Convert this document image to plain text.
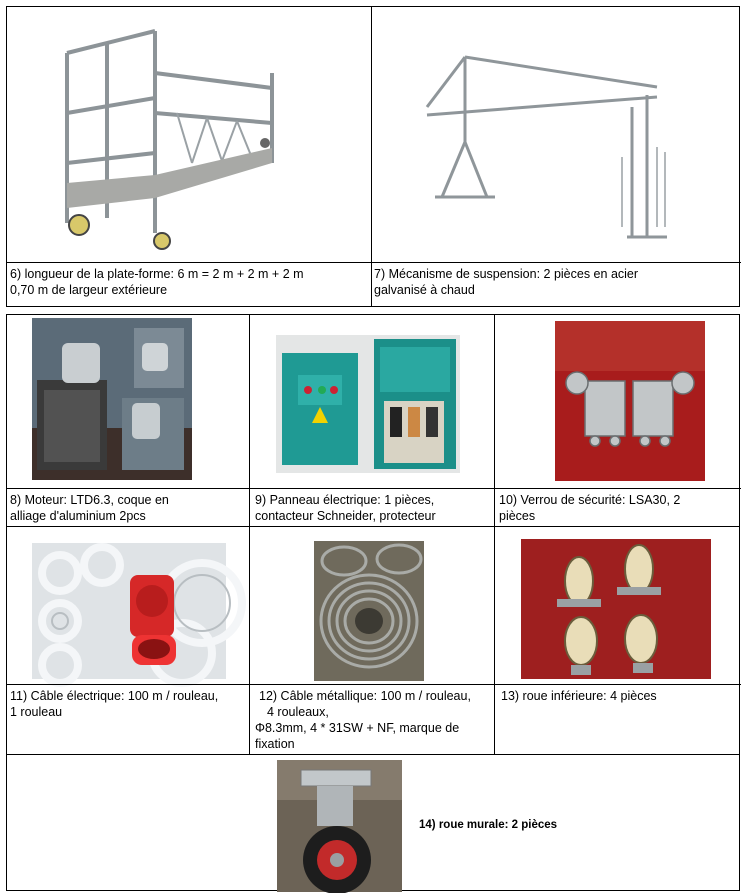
6) longueur de la plate-forme: 6 m = 2 m + 2 m + 2 m
0,70 m de largeur extérieure
7) Mécanisme de suspension: 2 pièces en acier
galvanisé à chaud
8) Moteur: LTD6.3, coque en
alliage d'aluminium 2pcs
9) Panneau électrique: 1 pièces,
contacteur Schneider, protecteur
10) Verrou de sécurité: LSA30, 2
pièces
11) Câble électrique: 100 m / rouleau,
1 rouleau
12) Câble métallique: 100 m / rouleau,
4 rouleaux,
Φ8.3mm, 4 * 31SW + NF, marque de
fixation
13) roue inférieure: 4 pièces
14) roue murale: 2 pièces
